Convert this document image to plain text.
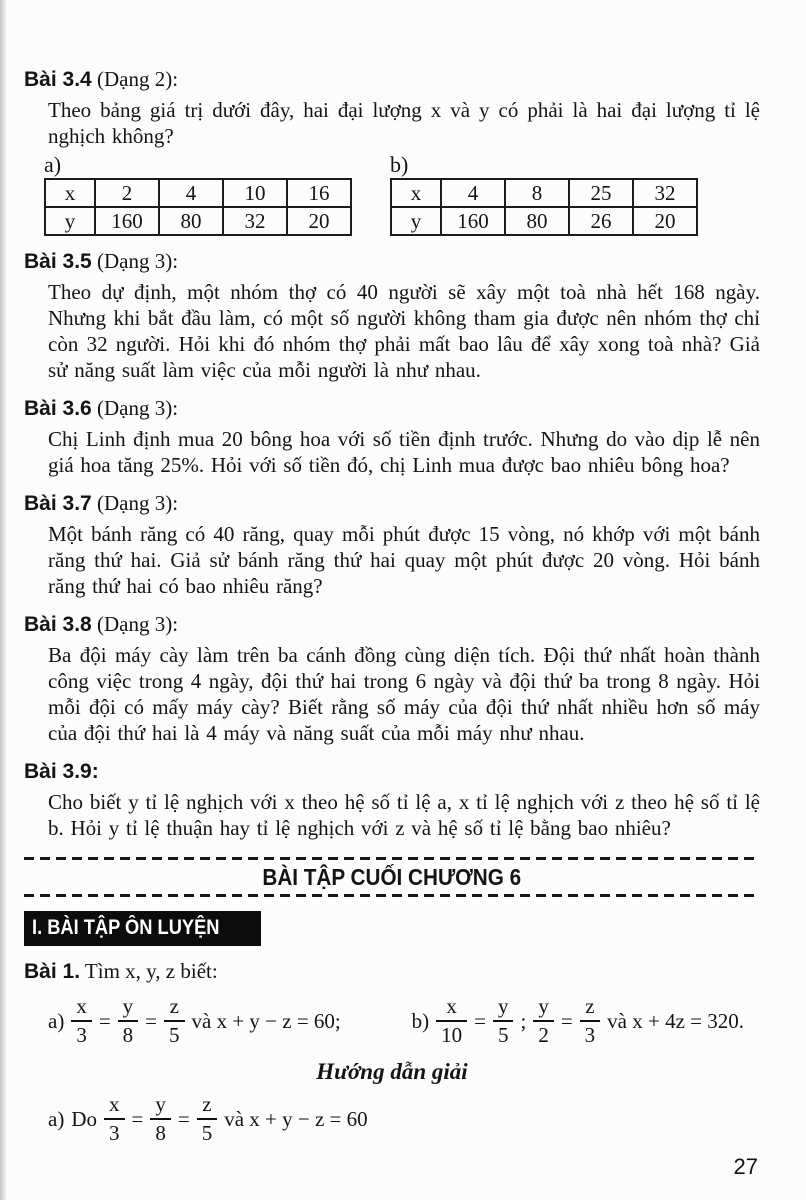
Bài 3.4 (Dạng 2):

Theo bảng giá trị dưới đây, hai đại lượng x và y có phải là hai đại lượng tỉ lệ nghịch không?

a)
x	2	4	10	16
y	160	80	32	20
b)
x	4	8	25	32
y	160	80	26	20
Bài 3.5 (Dạng 3):

Theo dự định, một nhóm thợ có 40 người sẽ xây một toà nhà hết 168 ngày. Nhưng khi bắt đầu làm, có một số người không tham gia được nên nhóm thợ chỉ còn 32 người. Hỏi khi đó nhóm thợ phải mất bao lâu để xây xong toà nhà? Giả sử năng suất làm việc của mỗi người là như nhau.

Bài 3.6 (Dạng 3):

Chị Linh định mua 20 bông hoa với số tiền định trước. Nhưng do vào dịp lễ nên giá hoa tăng 25%. Hỏi với số tiền đó, chị Linh mua được bao nhiêu bông hoa?

Bài 3.7 (Dạng 3):

Một bánh răng có 40 răng, quay mỗi phút được 15 vòng, nó khớp với một bánh răng thứ hai. Giả sử bánh răng thứ hai quay một phút được 20 vòng. Hỏi bánh răng thứ hai có bao nhiêu răng?

Bài 3.8 (Dạng 3):

Ba đội máy cày làm trên ba cánh đồng cùng diện tích. Đội thứ nhất hoàn thành công việc trong 4 ngày, đội thứ hai trong 6 ngày và đội thứ ba trong 8 ngày. Hỏi mỗi đội có mấy máy cày? Biết rằng số máy của đội thứ nhất nhiều hơn số máy của đội thứ hai là 4 máy và năng suất của mỗi máy như nhau.

Bài 3.9:

Cho biết y tỉ lệ nghịch với x theo hệ số tỉ lệ a, x tỉ lệ nghịch với z theo hệ số tỉ lệ b. Hỏi y tỉ lệ thuận hay tỉ lệ nghịch với z và hệ số tỉ lệ bằng bao nhiêu?

BÀI TẬP CUỐI CHƯƠNG 6
I. BÀI TẬP ÔN LUYỆN
Bài 1. Tìm x, y, z biết:
$a) \frac{x}{3} = \frac{y}{8} = \frac{z}{5}$ và x + y − z = 60;	$b) \frac{x}{10} = \frac{y}{5}$ ; $\frac{y}{2} = \frac{z}{3}$ và x + 4z = 320.
Hướng dẫn giải
a) Do $\frac{x}{3} = \frac{y}{8} = \frac{z}{5}$ và x + y − z = 60
27
